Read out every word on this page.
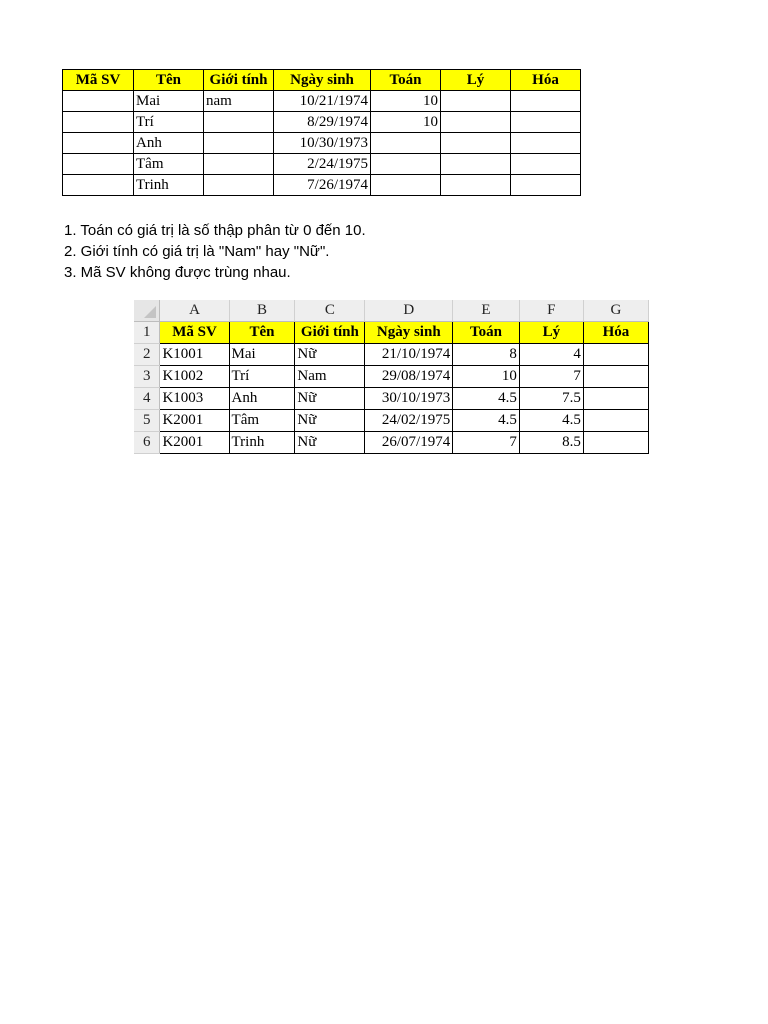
Mã SV	Tên	Giới tính	Ngày sinh	Toán	Lý	Hóa
	Mai	nam	10/21/1974	10		
	Trí		8/29/1974	10		
	Anh		10/30/1973			
	Tâm		2/24/1975			
	Trinh		7/26/1974			
1. Toán có giá trị là số thập phân từ 0 đến 10.
2. Giới tính có giá trị là "Nam" hay "Nữ".
3. Mã SV không được trùng nhau.
	A	B	C	D	E	F	G
1	Mã SV	Tên	Giới tính	Ngày sinh	Toán	Lý	Hóa
2	K1001	Mai	Nữ	21/10/1974	8	4	
3	K1002	Trí	Nam	29/08/1974	10	7	
4	K1003	Anh	Nữ	30/10/1973	4.5	7.5	
5	K2001	Tâm	Nữ	24/02/1975	4.5	4.5	
6	K2001	Trinh	Nữ	26/07/1974	7	8.5	
